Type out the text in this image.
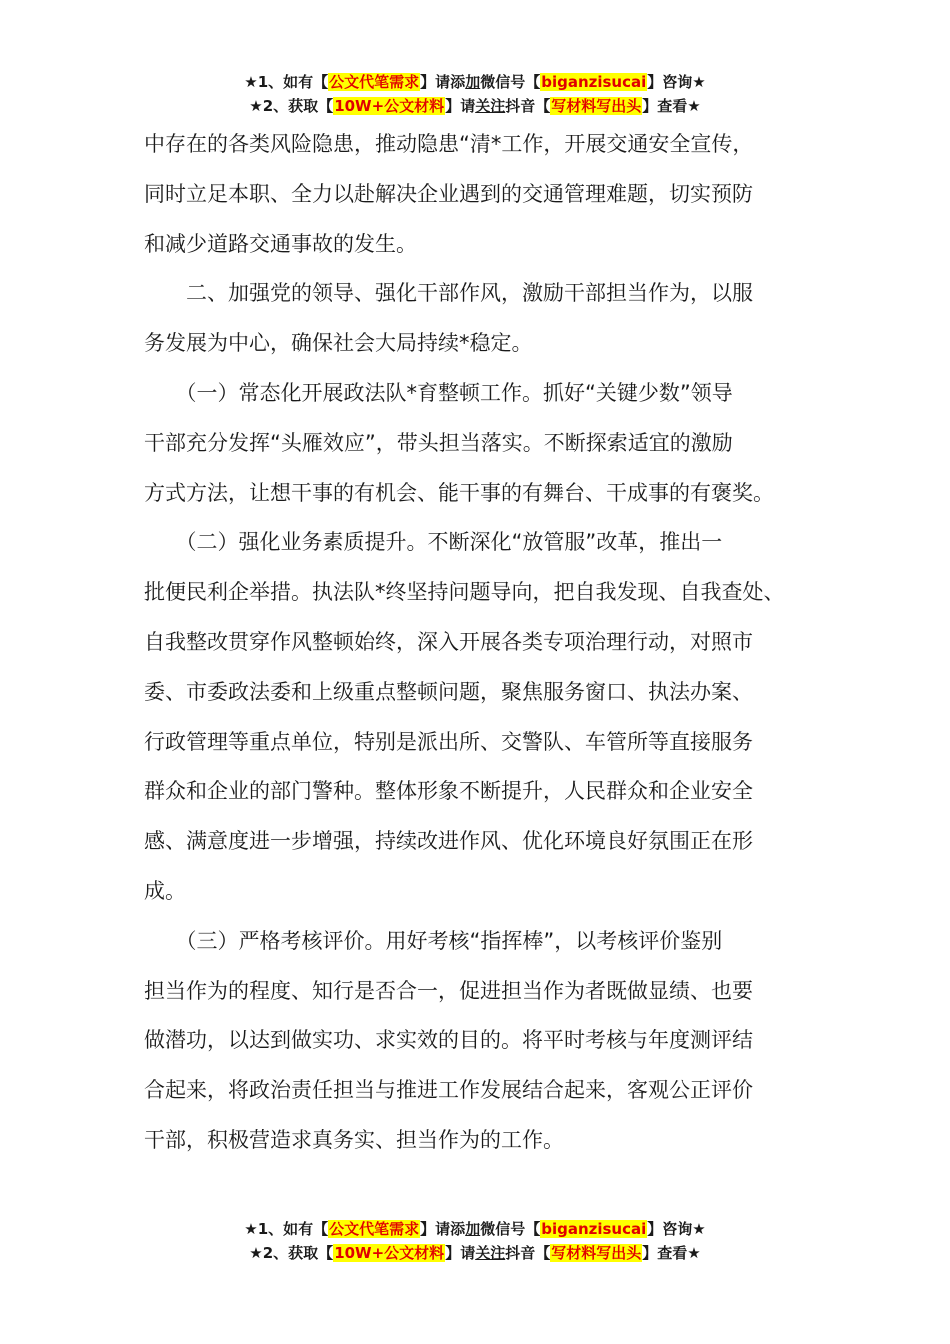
★1、如有【公文代笔需求】请添加微信号【biganzisucai】咨询★
★2、获取【10W+公文材料】请关注抖音【写材料写出头】查看★
中存在的各类风险隐患，推动隐患“清*工作，开展交通安全宣传，
同时立足本职、全力以赴解决企业遇到的交通管理难题，切实预防
和减少道路交通事故的发生。
　　二、加强党的领导、强化干部作风，激励干部担当作为，以服
务发展为中心，确保社会大局持续*稳定。
　　（一）常态化开展政法队*育整顿工作。抓好“关键少数”领导
干部充分发挥“头雁效应”，带头担当落实。不断探索适宜的激励
方式方法，让想干事的有机会、能干事的有舞台、干成事的有褒奖。
　　（二）强化业务素质提升。不断深化“放管服”改革，推出一
批便民利企举措。执法队*终坚持问题导向，把自我发现、自我查处、
自我整改贯穿作风整顿始终，深入开展各类专项治理行动，对照市
委、市委政法委和上级重点整顿问题，聚焦服务窗口、执法办案、
行政管理等重点单位，特别是派出所、交警队、车管所等直接服务
群众和企业的部门警种。整体形象不断提升，人民群众和企业安全
感、满意度进一步增强，持续改进作风、优化环境良好氛围正在形
成。
　　（三）严格考核评价。用好考核“指挥棒”，以考核评价鉴别
担当作为的程度、知行是否合一，促进担当作为者既做显绩、也要
做潜功，以达到做实功、求实效的目的。将平时考核与年度测评结
合起来，将政治责任担当与推进工作发展结合起来，客观公正评价
干部，积极营造求真务实、担当作为的工作。
★1、如有【公文代笔需求】请添加微信号【biganzisucai】咨询★
★2、获取【10W+公文材料】请关注抖音【写材料写出头】查看★
